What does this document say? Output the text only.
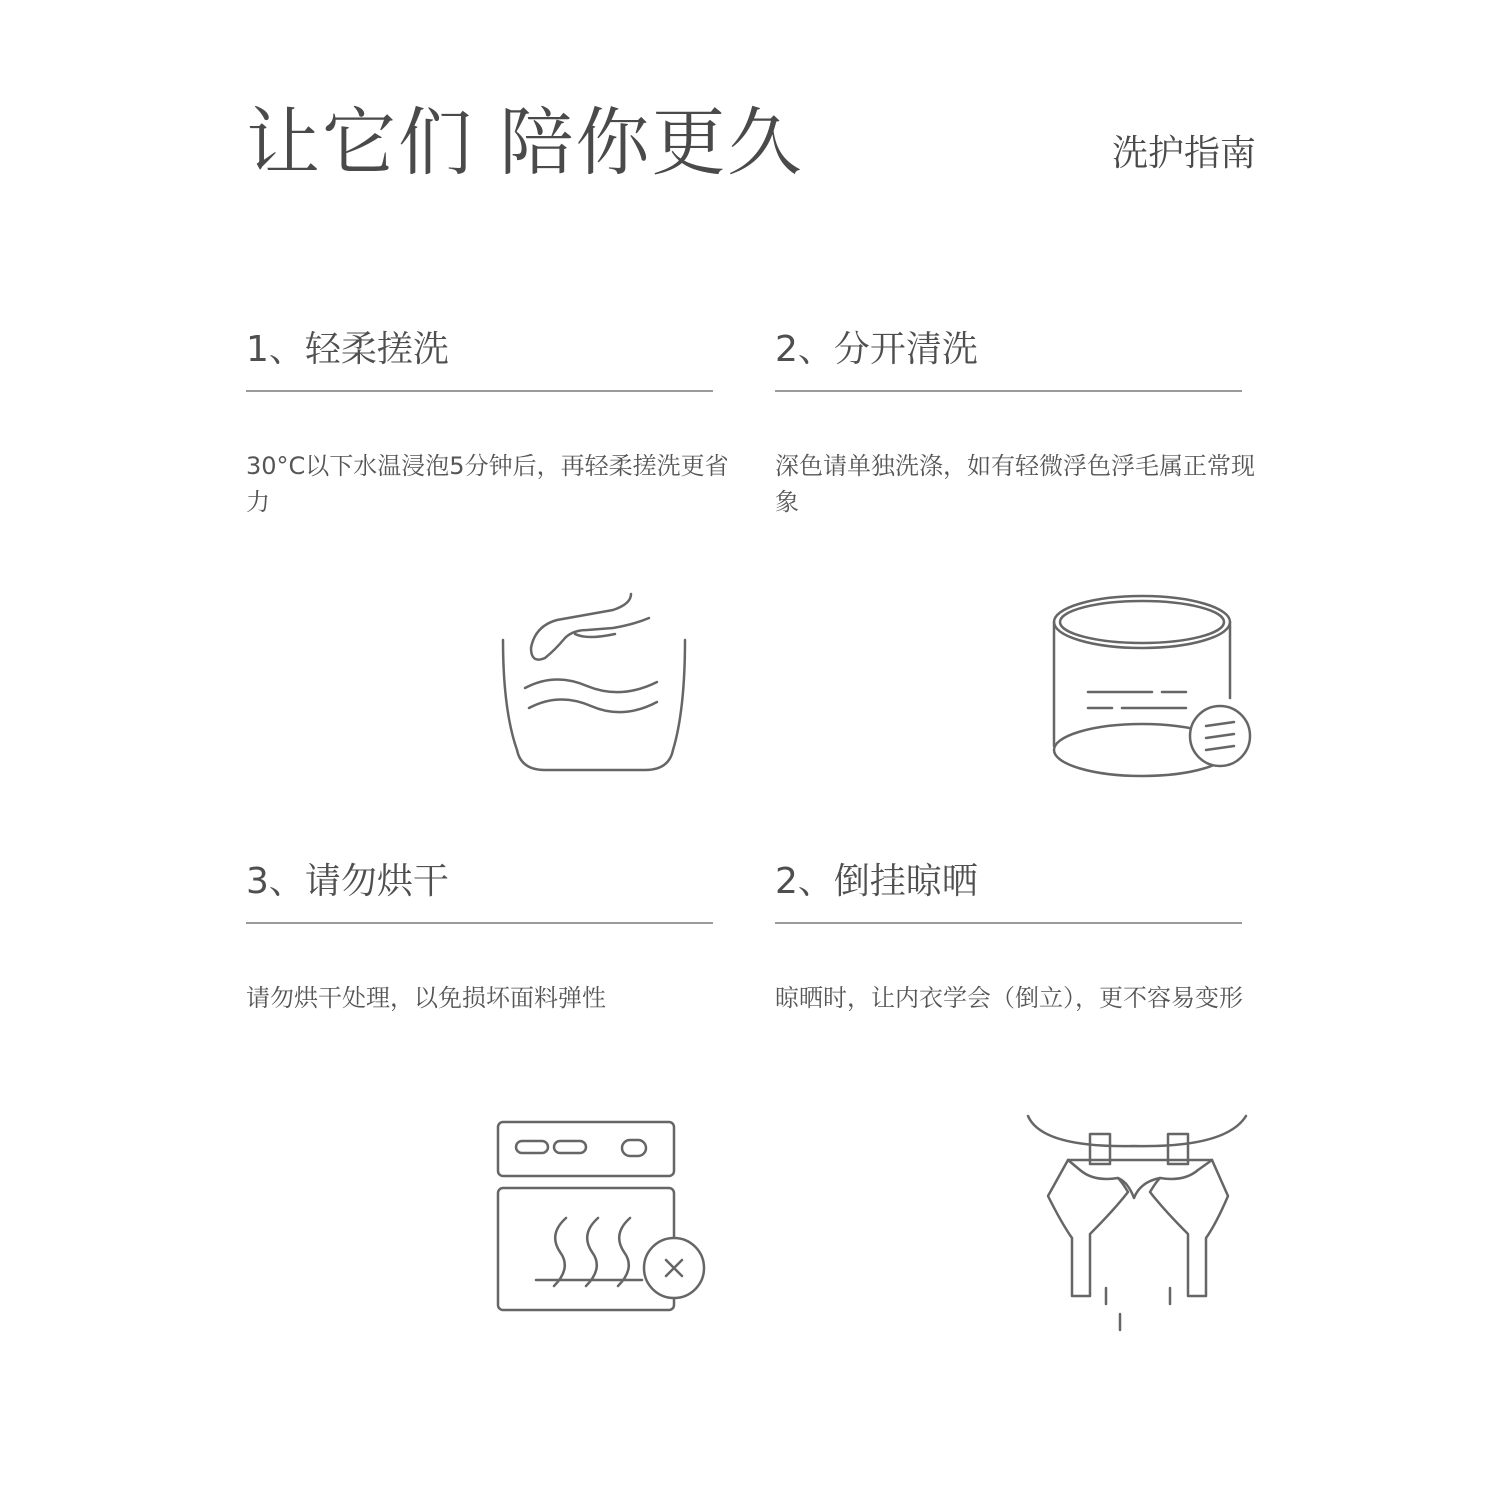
让它们 陪你更久	洗护指南
1、轻柔搓洗
30°C以下水温浸泡5分钟后，再轻柔搓洗更省力
2、分开清洗
深色请单独洗涤，如有轻微浮色浮毛属正常现象
3、请勿烘干
请勿烘干处理，以免损坏面料弹性
2、倒挂晾晒
晾晒时，让内衣学会（倒立），更不容易变形
